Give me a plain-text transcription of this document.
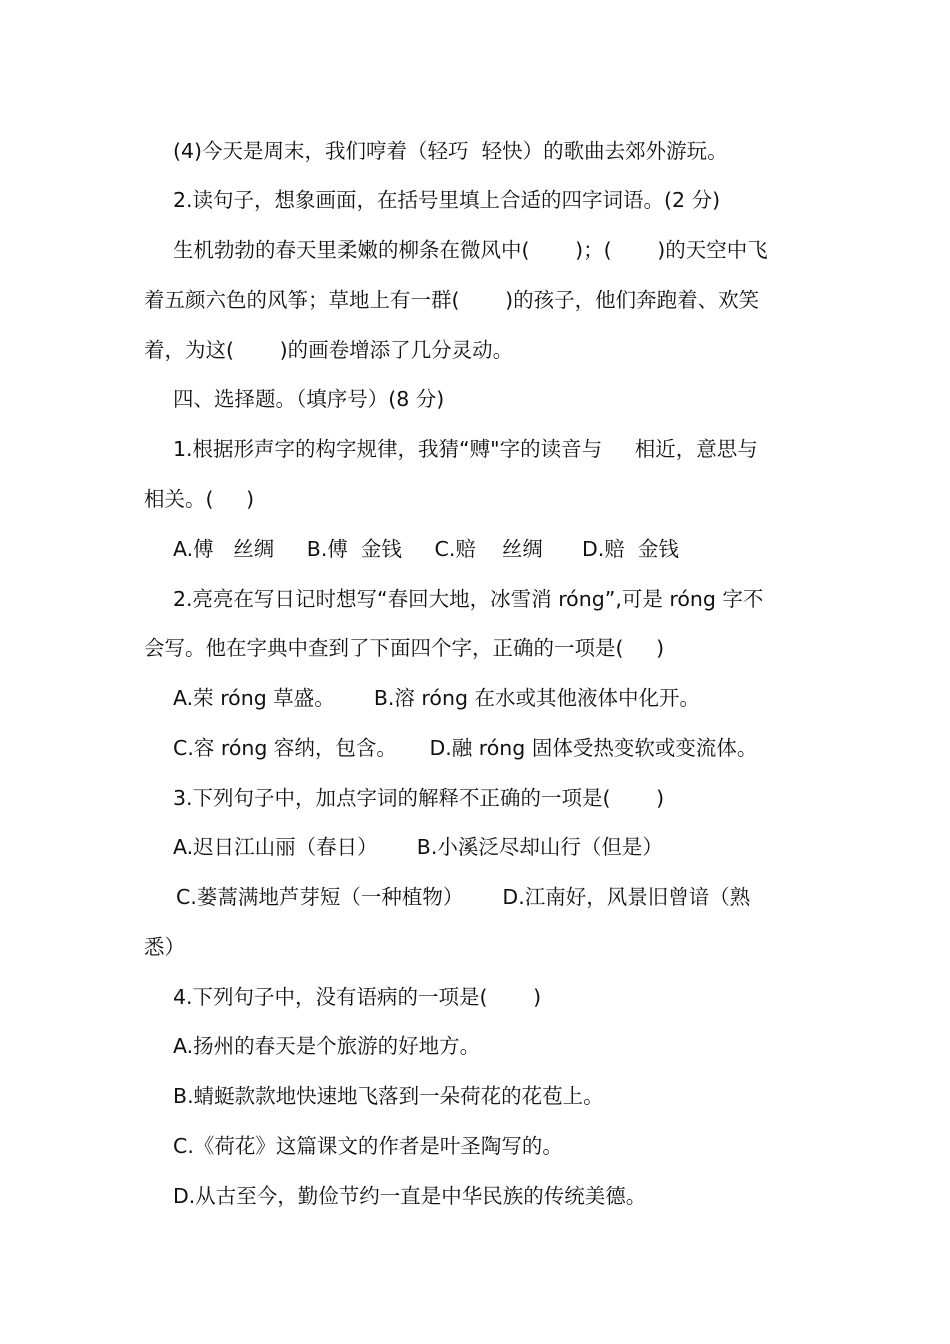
(4)今天是周末，我们哼着（轻巧  轻快）的歌曲去郊外游玩。

2.读句子，想象画面，在括号里填上合适的四字词语。(2 分)

生机勃勃的春天里柔嫩的柳条在微风中(       )；(       )的天空中飞

着五颜六色的风筝；草地上有一群(       )的孩子，他们奔跑着、欢笑

着，为这(       )的画卷增添了几分灵动。

四、选择题。（填序号）(8 分)

1.根据形声字的构字规律，我猜“赙"字的读音与     相近，意思与

相关。(     )

A.傅   丝绸     B.傅  金钱     C.赔    丝绸      D.赔  金钱

2.亮亮在写日记时想写“春回大地，冰雪消 róng”,可是 róng 字不

会写。他在字典中查到了下面四个字，正确的一项是(     )

A.荣 róng 草盛。      B.溶 róng 在水或其他液体中化开。

C.容 róng 容纳，包含。     D.融 róng 固体受热变软或变流体。

3.下列句子中，加点字词的解释不正确的一项是(       )

A.迟日江山丽（春日）      B.小溪泛尽却山行（但是）

C.蒌蒿满地芦芽短（一种植物）      D.江南好，风景旧曾谙（熟

悉）

4.下列句子中，没有语病的一项是(       )

A.扬州的春天是个旅游的好地方。

B.蜻蜓款款地快速地飞落到一朵荷花的花苞上。

C.《荷花》这篇课文的作者是叶圣陶写的。

D.从古至今，勤俭节约一直是中华民族的传统美德。
